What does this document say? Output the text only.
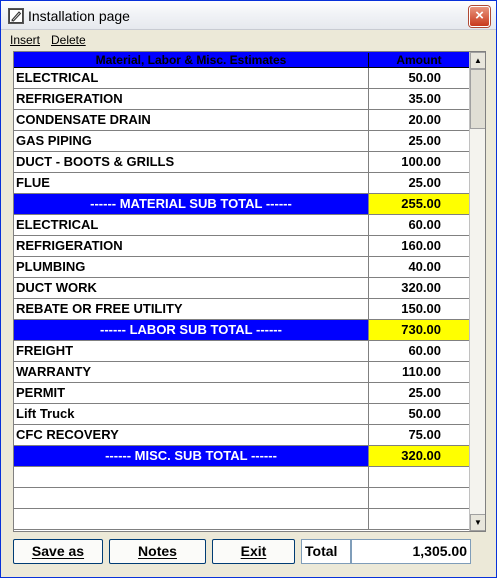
Installation page	×
Insert Delete
Material, Labor & Misc. Estimates	Amount
ELECTRICAL	50.00
REFRIGERATION	35.00
CONDENSATE DRAIN	20.00
GAS PIPING	25.00
DUCT - BOOTS & GRILLS	100.00
FLUE	25.00
------ MATERIAL SUB TOTAL ------	255.00
ELECTRICAL	60.00
REFRIGERATION	160.00
PLUMBING	40.00
DUCT WORK	320.00
REBATE OR FREE UTILITY	150.00
------ LABOR SUB TOTAL ------	730.00
FREIGHT	60.00
WARRANTY	110.00
PERMIT	25.00
Lift Truck	50.00
CFC RECOVERY	75.00
------ MISC. SUB TOTAL ------	320.00
▲
▼
Save as	Notes	Exit	Total	1,305.00
